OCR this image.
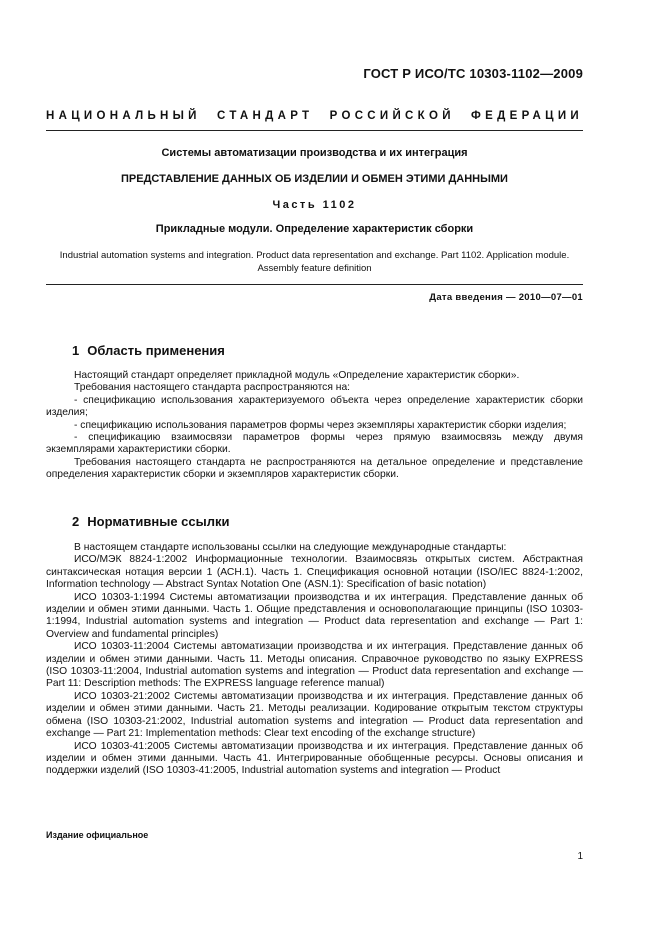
ГОСТ Р ИСО/ТС 10303-1102—2009
НАЦИОНАЛЬНЫЙ СТАНДАРТ РОССИЙСКОЙ ФЕДЕРАЦИИ
Системы автоматизации производства и их интеграция
ПРЕДСТАВЛЕНИЕ ДАННЫХ ОБ ИЗДЕЛИИ И ОБМЕН ЭТИМИ ДАННЫМИ
Часть 1102
Прикладные модули. Определение характеристик сборки
Industrial automation systems and integration. Product data representation and exchange. Part 1102. Application module.
Assembly feature definition
Дата введения — 2010—07—01
1 Область применения

Настоящий стандарт определяет прикладной модуль «Определение характеристик сборки».

Требования настоящего стандарта распространяются на:

- спецификацию использования характеризуемого объекта через определение характеристик сборки изделия;

- спецификацию использования параметров формы через экземпляры характеристик сборки изделия;

- спецификацию взаимосвязи параметров формы через прямую взаимосвязь между двумя экземплярами характеристики сборки.

Требования настоящего стандарта не распространяются на детальное определение и представление определения характеристик сборки и экземпляров характеристик сборки.

2 Нормативные ссылки

В настоящем стандарте использованы ссылки на следующие международные стандарты:

ИСО/МЭК 8824-1:2002 Информационные технологии. Взаимосвязь открытых систем. Абстрактная синтаксическая нотация версии 1 (АСН.1). Часть 1. Спецификация основной нотации (ISO/IEC 8824-1:2002, Information technology — Abstract Syntax Notation One (ASN.1): Specification of basic notation)

ИСО 10303-1:1994 Системы автоматизации производства и их интеграция. Представление данных об изделии и обмен этими данными. Часть 1. Общие представления и основополагающие принципы (ISO 10303-1:1994, Industrial automation systems and integration — Product data representation and exchange — Part 1: Overview and fundamental principles)

ИСО 10303-11:2004 Системы автоматизации производства и их интеграция. Представление данных об изделии и обмен этими данными. Часть 11. Методы описания. Справочное руководство по языку EXPRESS (ISO 10303-11:2004, Industrial automation systems and integration — Product data representation and exchange — Part 11: Description methods: The EXPRESS language reference manual)

ИСО 10303-21:2002 Системы автоматизации производства и их интеграция. Представление данных об изделии и обмен этими данными. Часть 21. Методы реализации. Кодирование открытым текстом структуры обмена (ISO 10303-21:2002, Industrial automation systems and integration — Product data representation and exchange — Part 21: Implementation methods: Clear text encoding of the exchange structure)

ИСО 10303-41:2005 Системы автоматизации производства и их интеграция. Представление данных об изделии и обмен этими данными. Часть 41. Интегрированные обобщенные ресурсы. Основы описания и поддержки изделий (ISO 10303-41:2005, Industrial automation systems and integration — Product

Издание официальное
1
